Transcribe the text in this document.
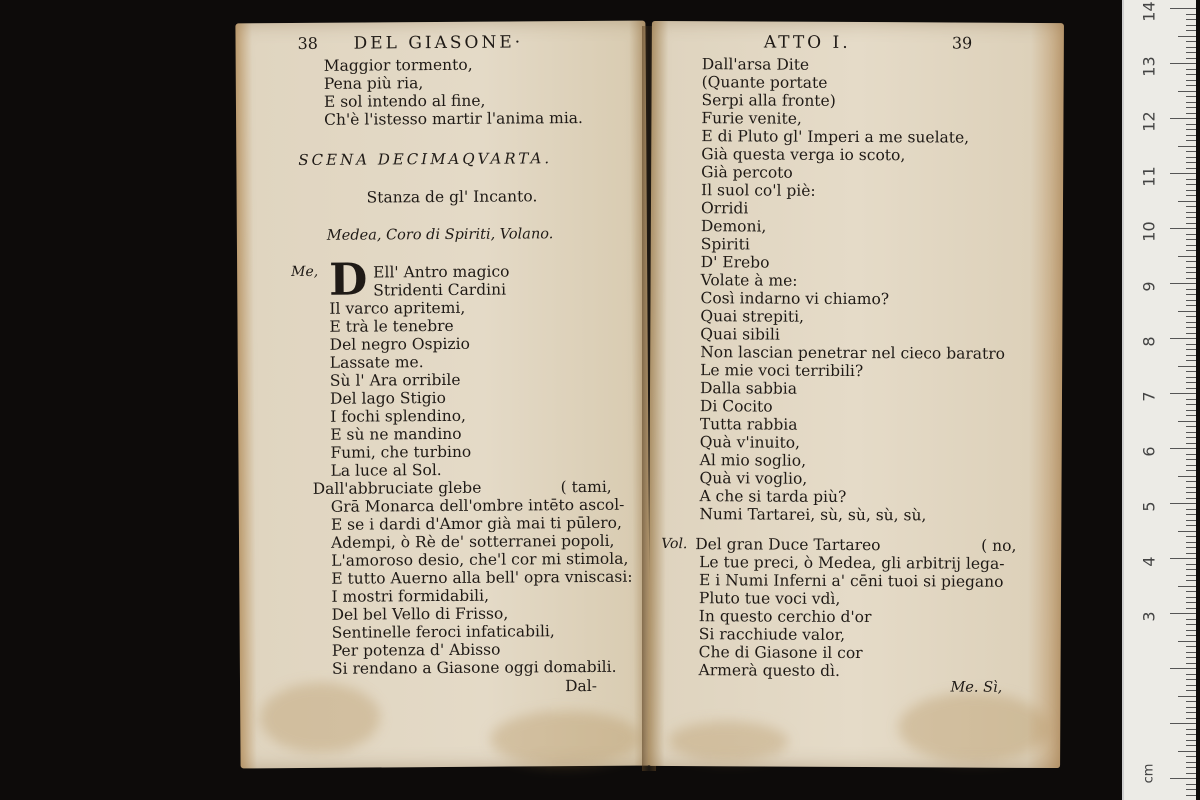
38 DEL GIASONE·
Maggior tormento,
Pena più ria,
E sol intendo al fine,
Ch'è l'istesso martir l'anima mia.
SCENA DECIMAQVARTA.
Stanza de gl' Incanto.
Medea, Coro di Spiriti, Volano.
Me, D Ell' Antro magico
Stridenti Cardini
Il varco apritemi,
E trà le tenebre
Del negro Ospizio
Lassate me.
Sù l' Ara orribile
Del lago Stigio
I fochi splendino,
E sù ne mandino
Fumi, che turbino
La luce al Sol.
Dall'abbruciate glebe
Grā Monarca dell'ombre intēto ascol-
E se i dardi d'Amor già mai ti pūlero,
Adempi, ò Rè de' sotterranei popoli,
L'amoroso desio, che'l cor mi stimola,
E tutto Auerno alla bell' opra vniscasi:
I mostri formidabili,
Del bel Vello di Frisso,
Sentinelle feroci infaticabili,
Per potenza d' Abisso
Si rendano a Giasone oggi domabili.
( tami,
Dal-
ATTO I.	39
Dall'arsa Dite
(Quante portate
Serpi alla fronte)
Furie venite,
E di Pluto gl' Imperi a me suelate,
Già questa verga io scoto,
Già percoto
Il suol co'l piè:
Orridi
Demoni,
Spiriti
D' Erebo
Volate à me:
Così indarno vi chiamo?
Quai strepiti,
Quai sibili
Non lascian penetrar nel cieco baratro
Le mie voci terribili?
Dalla sabbia
Di Cocito
Tutta rabbia
Quà v'inuito,
Al mio soglio,
Quà vi voglio,
A che si tarda più?
Numi Tartarei, sù, sù, sù, sù,
Vol. Del gran Duce Tartareo	( no,
Le tue preci, ò Medea, gli arbitrij lega-
E i Numi Inferni a' cēni tuoi si piegano
Pluto tue voci vdì,
In questo cerchio d'or
Si racchiude valor,
Che di Giasone il cor
Armerà questo dì.
Me. Sì,
cm
14
13
12
11
10
9
8
7
6
5
4
3
